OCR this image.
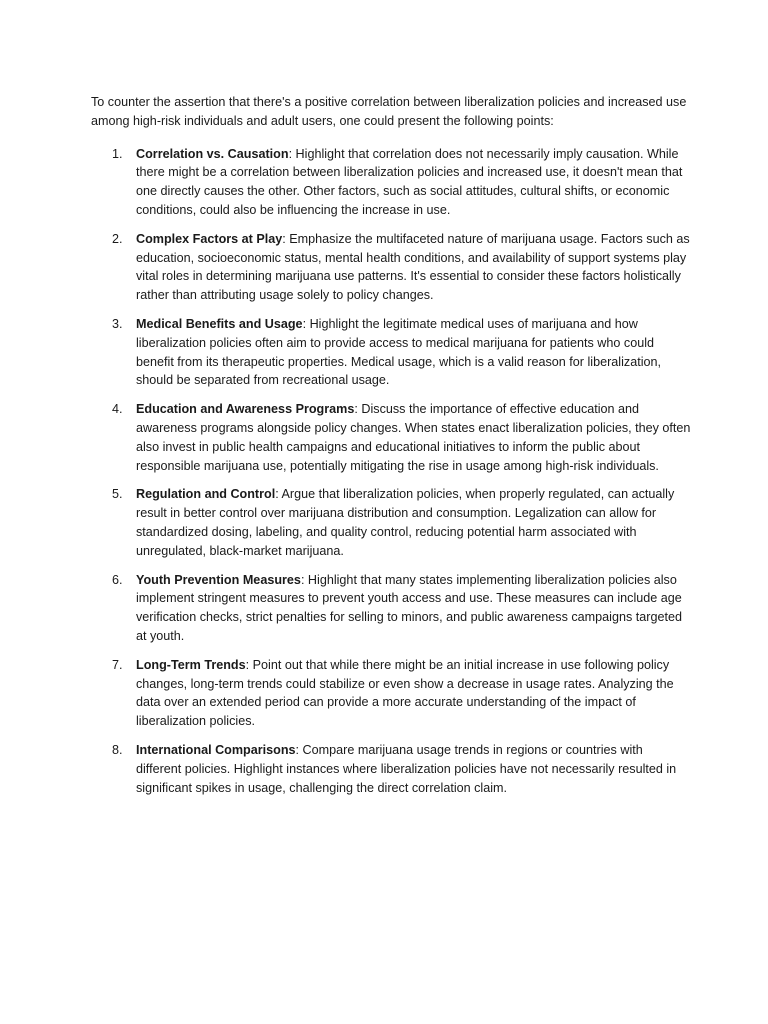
To counter the assertion that there's a positive correlation between liberalization policies and increased use among high-risk individuals and adult users, one could present the following points:

1. Correlation vs. Causation: Highlight that correlation does not necessarily imply causation. While there might be a correlation between liberalization policies and increased use, it doesn't mean that one directly causes the other. Other factors, such as social attitudes, cultural shifts, or economic conditions, could also be influencing the increase in use.
2. Complex Factors at Play: Emphasize the multifaceted nature of marijuana usage. Factors such as education, socioeconomic status, mental health conditions, and availability of support systems play vital roles in determining marijuana use patterns. It's essential to consider these factors holistically rather than attributing usage solely to policy changes.
3. Medical Benefits and Usage: Highlight the legitimate medical uses of marijuana and how liberalization policies often aim to provide access to medical marijuana for patients who could benefit from its therapeutic properties. Medical usage, which is a valid reason for liberalization, should be separated from recreational usage.
4. Education and Awareness Programs: Discuss the importance of effective education and awareness programs alongside policy changes. When states enact liberalization policies, they often also invest in public health campaigns and educational initiatives to inform the public about responsible marijuana use, potentially mitigating the rise in usage among high-risk individuals.
5. Regulation and Control: Argue that liberalization policies, when properly regulated, can actually result in better control over marijuana distribution and consumption. Legalization can allow for standardized dosing, labeling, and quality control, reducing potential harm associated with unregulated, black-market marijuana.
6. Youth Prevention Measures: Highlight that many states implementing liberalization policies also implement stringent measures to prevent youth access and use. These measures can include age verification checks, strict penalties for selling to minors, and public awareness campaigns targeted at youth.
7. Long-Term Trends: Point out that while there might be an initial increase in use following policy changes, long-term trends could stabilize or even show a decrease in usage rates. Analyzing the data over an extended period can provide a more accurate understanding of the impact of liberalization policies.
8. International Comparisons: Compare marijuana usage trends in regions or countries with different policies. Highlight instances where liberalization policies have not necessarily resulted in significant spikes in usage, challenging the direct correlation claim.
